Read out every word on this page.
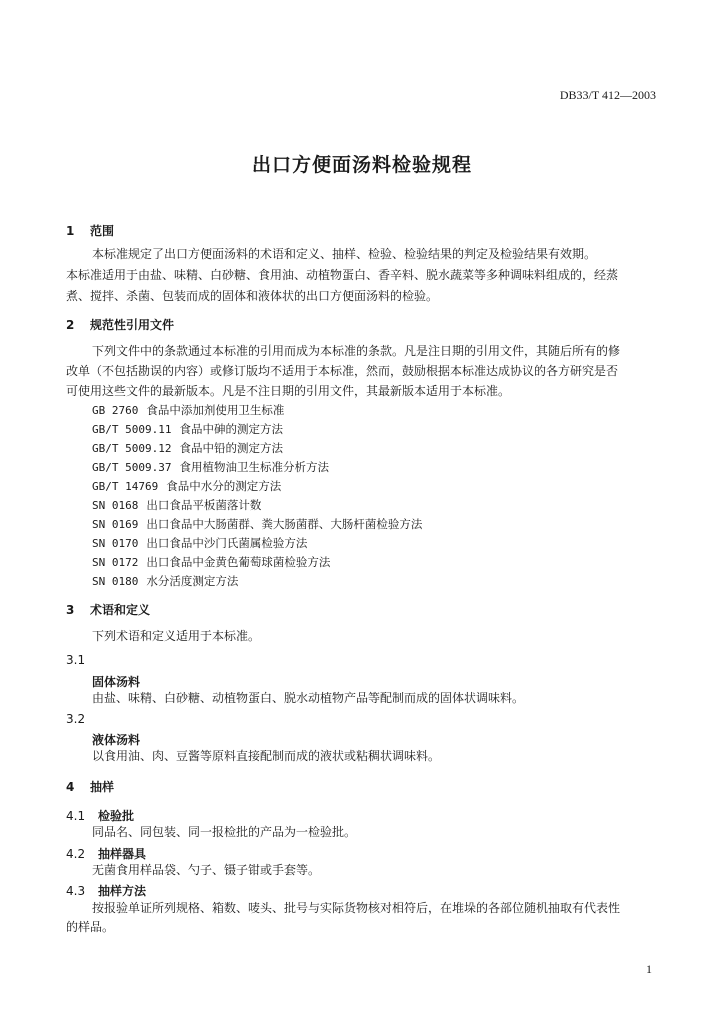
DB33/T 412—2003
出口方便面汤料检验规程
1 范围
本标准规定了出口方便面汤料的术语和定义、抽样、检验、检验结果的判定及检验结果有效期。
本标准适用于由盐、味精、白砂糖、食用油、动植物蛋白、香辛料、脱水蔬菜等多种调味料组成的，经蒸
煮、搅拌、杀菌、包装而成的固体和液体状的出口方便面汤料的检验。
2 规范性引用文件
下列文件中的条款通过本标准的引用而成为本标准的条款。凡是注日期的引用文件，其随后所有的修
改单（不包括勘误的内容）或修订版均不适用于本标准，然而，鼓励根据本标准达成协议的各方研究是否
可使用这些文件的最新版本。凡是不注日期的引用文件，其最新版本适用于本标准。
GB 2760 食品中添加剂使用卫生标准
GB/T 5009.11 食品中砷的测定方法
GB/T 5009.12 食品中铅的测定方法
GB/T 5009.37 食用植物油卫生标准分析方法
GB/T 14769 食品中水分的测定方法
SN 0168 出口食品平板菌落计数
SN 0169 出口食品中大肠菌群、粪大肠菌群、大肠杆菌检验方法
SN 0170 出口食品中沙门氏菌属检验方法
SN 0172 出口食品中金黄色葡萄球菌检验方法
SN 0180 水分活度测定方法
3 术语和定义
下列术语和定义适用于本标准。
3.1
固体汤料
由盐、味精、白砂糖、动植物蛋白、脱水动植物产品等配制而成的固体状调味料。
3.2
液体汤料
以食用油、肉、豆酱等原料直接配制而成的液状或粘稠状调味料。
4 抽样
4.1 检验批
同品名、同包装、同一报检批的产品为一检验批。
4.2 抽样器具
无菌食用样品袋、勺子、镊子钳或手套等。
4.3 抽样方法
按报验单证所列规格、箱数、唛头、批号与实际货物核对相符后，在堆垛的各部位随机抽取有代表性
的样品。
1
